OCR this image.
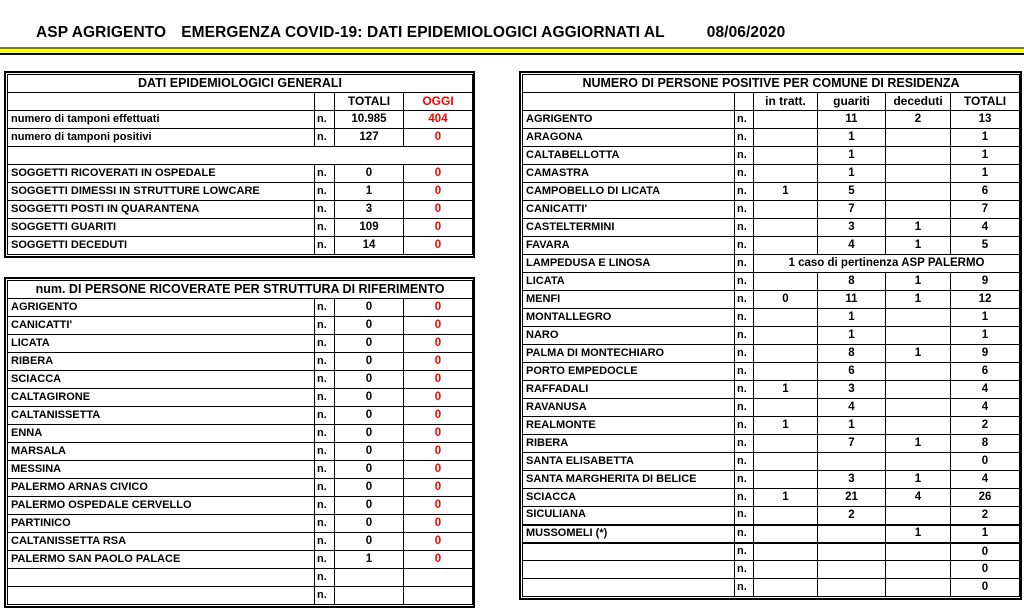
ASP AGRIGENTO EMERGENZA COVID-19: DATI EPIDEMIOLOGICI AGGIORNATI AL	08/06/2020
DATI EPIDEMIOLOGICI GENERALI			
		TOTALI	OGGI
numero di tamponi effettuati	n.	10.985	404
numero di tamponi positivi	n.	127	0

SOGGETTI RICOVERATI IN OSPEDALE	n.	0	0
SOGGETTI DIMESSI IN STRUTTURE LOWCARE	n.	1	0
SOGGETTI POSTI IN QUARANTENA	n.	3	0
SOGGETTI GUARITI	n.	109	0
SOGGETTI DECEDUTI	n.	14	0
num. DI PERSONE RICOVERATE PER STRUTTURA DI RIFERIMENTO			
AGRIGENTO	n.	0	0
CANICATTI'	n.	0	0
LICATA	n.	0	0
RIBERA	n.	0	0
SCIACCA	n.	0	0
CALTAGIRONE	n.	0	0
CALTANISSETTA	n.	0	0
ENNA	n.	0	0
MARSALA	n.	0	0
MESSINA	n.	0	0
PALERMO ARNAS CIVICO	n.	0	0
PALERMO OSPEDALE CERVELLO	n.	0	0
PARTINICO	n.	0	0
CALTANISSETTA RSA	n.	0	0
PALERMO SAN PAOLO PALACE	n.	1	0
	n.		
	n.		
NUMERO DI PERSONE POSITIVE PER COMUNE DI RESIDENZA					
		in tratt.	guariti	deceduti	TOTALI
AGRIGENTO	n.		11	2	13
ARAGONA	n.		1		1
CALTABELLOTTA	n.		1		1
CAMASTRA	n.		1		1
CAMPOBELLO DI LICATA	n.	1	5		6
CANICATTI'	n.		7		7
CASTELTERMINI	n.		3	1	4
FAVARA	n.		4	1	5
LAMPEDUSA E LINOSA	n.	1 caso di pertinenza ASP PALERMO			
LICATA	n.		8	1	9
MENFI	n.	0	11	1	12
MONTALLEGRO	n.		1		1
NARO	n.		1		1
PALMA DI MONTECHIARO	n.		8	1	9
PORTO EMPEDOCLE	n.		6		6
RAFFADALI	n.	1	3		4
RAVANUSA	n.		4		4
REALMONTE	n.	1	1		2
RIBERA	n.		7	1	8
SANTA ELISABETTA	n.				0
SANTA MARGHERITA DI BELICE	n.		3	1	4
SCIACCA	n.	1	21	4	26
SICULIANA	n.		2		2
MUSSOMELI (*)	n.			1	1
	n.				0
	n.				0
	n.				0
